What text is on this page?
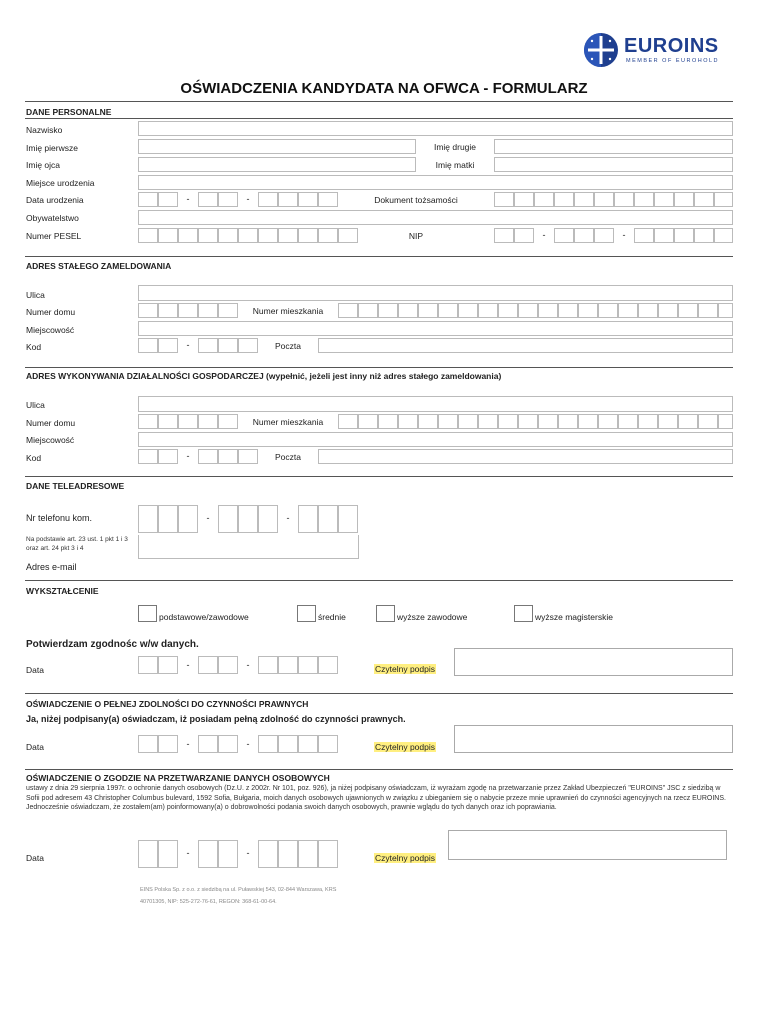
EUROINS
MEMBER OF EUROHOLD
OŚWIADCZENIA KANDYDATA NA OFWCA - FORMULARZ
DANE PERSONALNE
Nazwisko
Imię pierwsze	Imię drugie
Imię ojca	Imię matki
Miejsce urodzenia
Data urodzenia	-	-	Dokument tożsamości
Obywatelstwo
Numer PESEL	NIP	-	-
ADRES STAŁEGO ZAMELDOWANIA
Ulica
Numer domu	Numer mieszkania
Miejscowość
Kod	-	Poczta
ADRES WYKONYWANIA DZIAŁALNOŚCI GOSPODARCZEJ (wypełnić, jeżeli jest inny niż adres stałego zameldowania)
Ulica
Numer domu	Numer mieszkania
Miejscowość
Kod	-	Poczta
DANE TELEADRESOWE
Nr telefonu kom.	-	-
Na podstawie art. 23 ust. 1 pkt 1 i 3 oraz art. 24 pkt 3 i 4
Adres e-mail
WYKSZTAŁCENIE
podstawowe/zawodowe	średnie	wyższe zawodowe	wyższe magisterskie
Potwierdzam zgodnośc w/w danych.
Data	-	-	Czytelny podpis
OŚWIADCZENIE O PEŁNEJ ZDOLNOŚCI DO CZYNNOŚCI PRAWNYCH
Ja, niżej podpisany(a) oświadczam, iż posiadam pełną zdolność do czynności prawnych.
Data	-	-	Czytelny podpis
OŚWIADCZENIE O ZGODZIE NA PRZETWARZANIE DANYCH OSOBOWYCH
ustawy z dnia 29 sierpnia 1997r. o ochronie danych osobowych (Dz.U. z 2002r. Nr 101, poz. 926), ja niżej podpisany oświadczam, iż wyrażam zgodę na przetwarzanie przez Zakład Ubezpieczeń "EUROINS" JSC z siedzibą w Sofii pod adresem 43 Christopher Columbus bulevard, 1592 Sofia, Bułgaria, moich danych osobowych ujawnionych w związku z ubieganiem się o nabycie przeze mnie uprawnień do czynności agencyjnych na rzecz EUROINS. Jednocześnie oświadczam, że zostałem(am) poinformowany(a) o dobrowolności podania swoich danych osobowych, prawnie wglądu do tych danych oraz ich poprawiania.
Data	-	-	Czytelny podpis
EINS Polska Sp. z o.o. z siedzibą na ul. Puławskiej 543, 02-844 Warszawa, KRS
40701305, NIP: 525-272-76-61, REGON: 368-61-00-64.
